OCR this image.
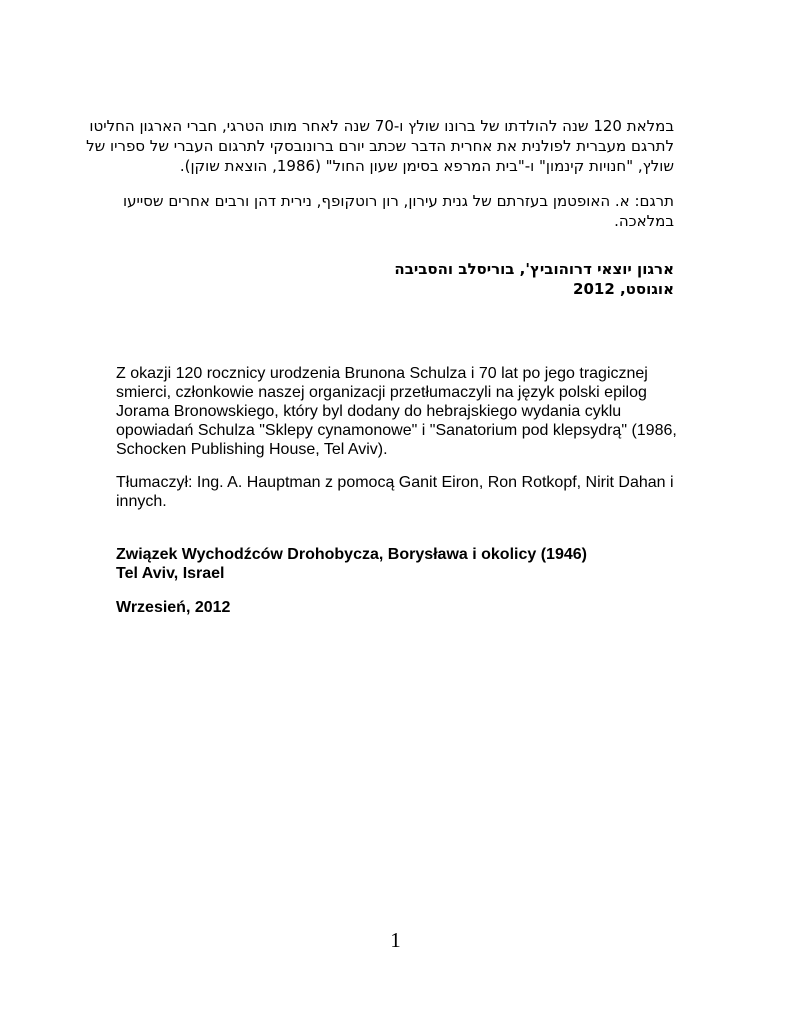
במלאת 120 שנה להולדתו של ברונו שולץ ו-70 שנה לאחר מותו הטרגי, חברי הארגון החליטו
לתרגם מעברית לפולנית את אחרית הדבר שכתב יורם ברונובסקי לתרגום העברי של ספריו של
שולץ, "חנויות קינמון" ו-"בית המרפא בסימן שעון החול" (1986, הוצאת שוקן).

תרגם: א. האופטמן בעזרתם של גנית עירון, רון רוטקופף, נירית דהן ורבים אחרים שסייעו
במלאכה.

ארגון יוצאי דרוהוביץ', בוריסלב והסביבה
אוגוסט, 2012

Z okazji 120 rocznicy urodzenia Brunona Schulza i 70 lat po jego tragicznej
smierci, członkowie naszej organizacji przetłumaczyli na język polski epilog
Jorama Bronowskiego, który byl dodany do hebrajskiego wydania cyklu
opowiadań Schulza "Sklepy cynamonowe" i "Sanatorium pod klepsydrą" (1986,
Schocken Publishing House, Tel Aviv).

Tłumaczył: Ing. A. Hauptman z pomocą Ganit Eiron, Ron Rotkopf, Nirit Dahan i
innych.

Związek Wychodźców Drohobycza, Borysława i okolicy (1946)
Tel Aviv, Israel

Wrzesień, 2012

1
